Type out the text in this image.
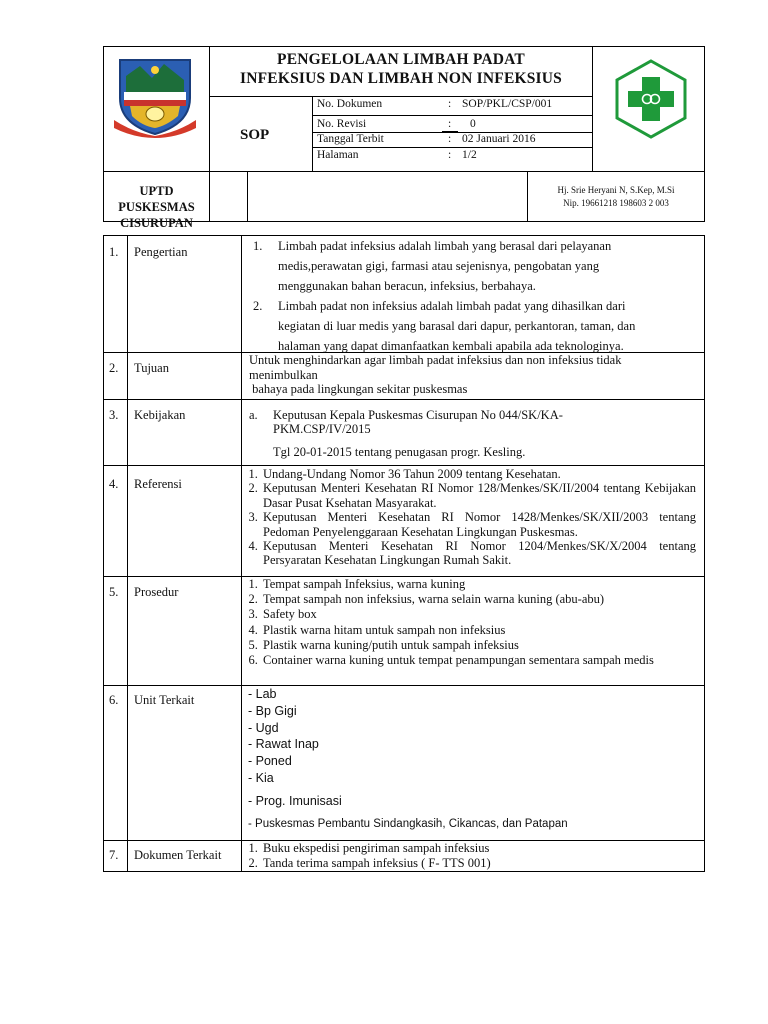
PENGELOLAAN LIMBAH PADAT
INFEKSIUS DAN LIMBAH NON INFEKSIUS
SOP
No. Dokumen	: SOP/PKL/CSP/001
No. Revisi	: 0
Tanggal Terbit	: 02 Januari 2016
Halaman	: 1/2
UPTD PUSKESMAS
CISURUPAN
Hj. Srie Heryani N, S.Kep, M.Si
Nip. 19661218 198603 2 003
1. Pengertian	1. Limbah padat infeksius adalah limbah yang berasal dari pelayanan
medis,perawatan gigi, farmasi atau sejenisnya, pengobatan yang
menggunakan bahan beracun, infeksius, berbahaya.
2. Limbah padat non infeksius adalah limbah padat yang dihasilkan dari
kegiatan di luar medis yang barasal dari dapur, perkantoran, taman, dan
halaman yang dapat dimanfaatkan kembali apabila ada teknologinya.
2. Tujuan
Untuk menghindarkan agar limbah padat infeksius dan non infeksius tidak
menimbulkan
bahaya pada lingkungan sekitar puskesmas
3. Kebijakan	a. Keputusan Kepala Puskesmas Cisurupan No 044/SK/KA-
PKM.CSP/IV/2015
Tgl 20-01-2015 tentang penugasan progr. Kesling.
4. Referensi
1. Undang-Undang Nomor 36 Tahun 2009 tentang Kesehatan.
2. Keputusan Menteri Kesehatan RI Nomor 128/Menkes/SK/II/2004 tentang Kebijakan Dasar Pusat Ksehatan Masyarakat.
3. Keputusan Menteri Kesehatan RI Nomor 1428/Menkes/SK/XII/2003 tentang Pedoman Penyelenggaraan Kesehatan Lingkungan Puskesmas.
4. Keputusan Menteri Kesehatan RI Nomor 1204/Menkes/SK/X/2004 tentang Persyaratan Kesehatan Lingkungan Rumah Sakit.
5. Prosedur
1. Tempat sampah Infeksius, warna kuning
2. Tempat sampah non infeksius, warna selain warna kuning (abu-abu)
3. Safety box
4. Plastik warna hitam untuk sampah non infeksius
5. Plastik warna kuning/putih untuk sampah infeksius
6. Container warna kuning untuk tempat penampungan sementara sampah medis
6. Unit Terkait	- Lab
- Bp Gigi
- Ugd
- Rawat Inap
- Poned
- Kia
- Prog. Imunisasi
- Puskesmas Pembantu Sindangkasih, Cikancas, dan Patapan
7. Dokumen Terkait
1.	Buku ekspedisi pengiriman sampah infeksius
2. Tanda terima sampah infeksius ( F- TTS 001)
